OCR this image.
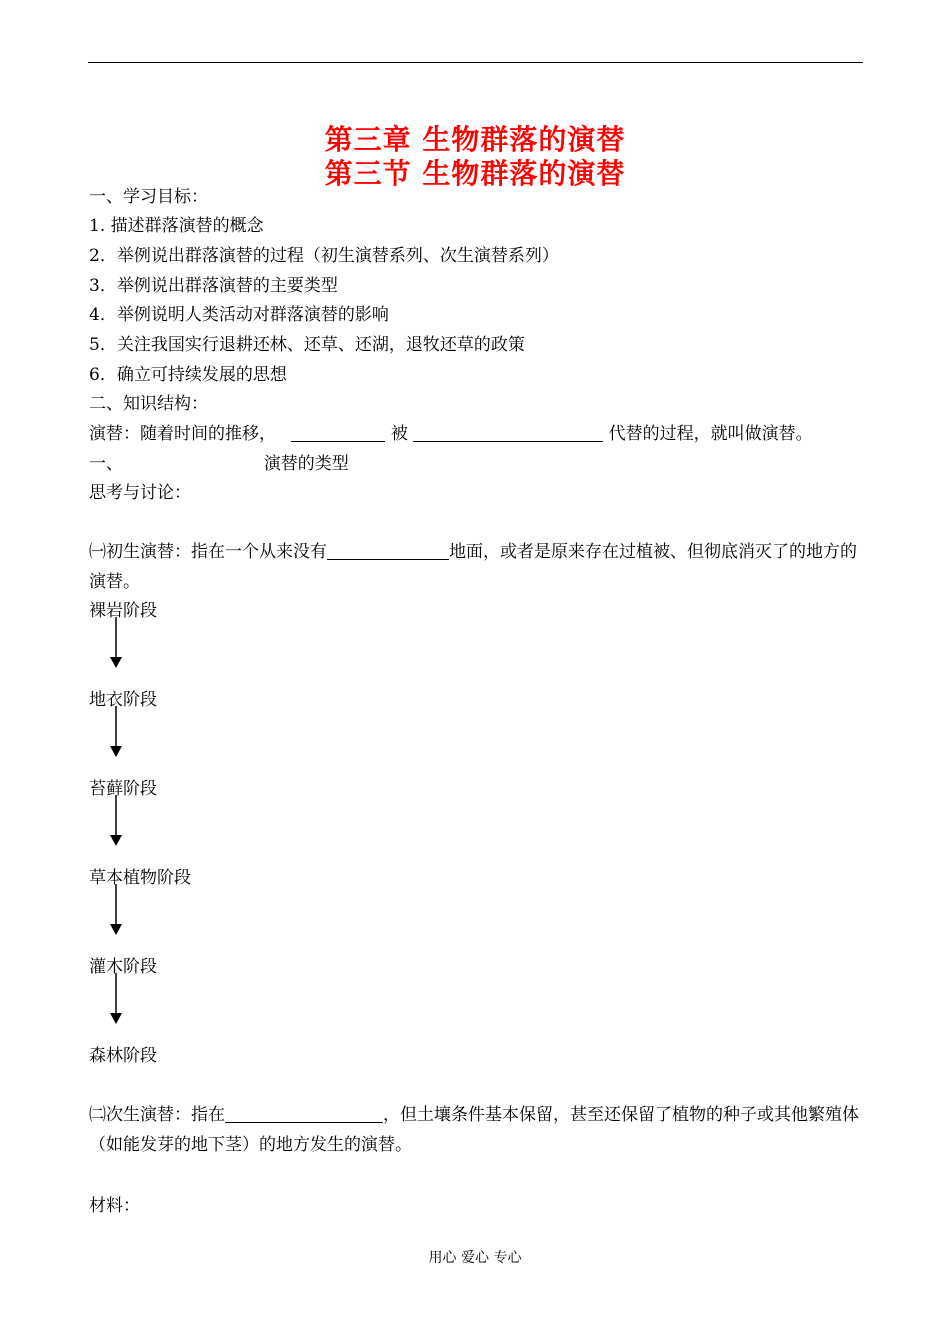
第三章 生物群落的演替
第三节 生物群落的演替
一、学习目标：
1. 描述群落演替的概念
2．举例说出群落演替的过程（初生演替系列、次生演替系列）
3．举例说出群落演替的主要类型
4．举例说明人类活动对群落演替的影响
5．关注我国实行退耕还林、还草、还湖，退牧还草的政策
6．确立可持续发展的思想
二、知识结构：
演替：随着时间的推移，	被	代替的过程，就叫做演替。
一、	演替的类型
思考与讨论：
㈠初生演替：指在一个从来没有	地面，或者是原来存在过植被、但彻底消灭了的地方的演替。
裸岩阶段
地衣阶段
苔藓阶段
草本植物阶段
灌木阶段
森林阶段
㈡次生演替：指在	，但土壤条件基本保留，甚至还保留了植物的种子或其他繁殖体（如能发芽的地下茎）的地方发生的演替。
材料：
用心 爱心 专心
